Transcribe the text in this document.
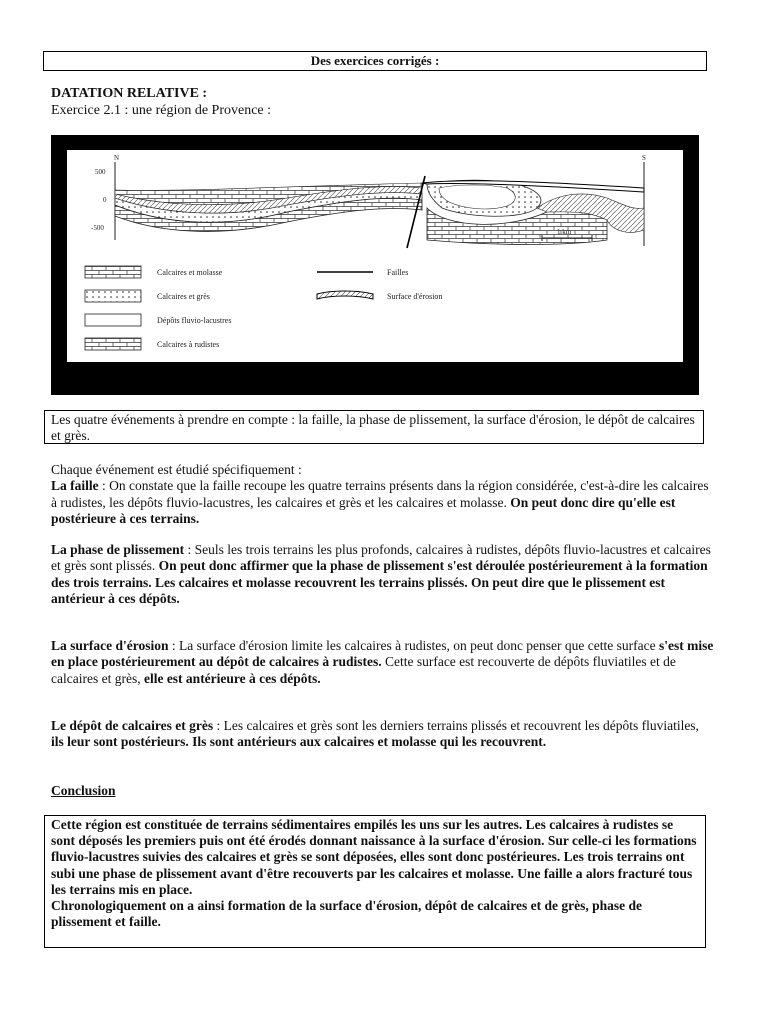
Des exercices corrigés :
DATATION RELATIVE :
Exercice 2.1 : une région de Provence :
N
500
0
-500
S
1 km
Calcaires et molasse
Calcaires et grès
Dépôts fluvio-lacustres
Calcaires à rudistes
Failles
Surface d'érosion
Les quatre événements à prendre en compte : la faille, la phase de plissement, la surface d'érosion, le dépôt de calcaires et grès.
Chaque événement est étudié spécifiquement :
La faille : On constate que la faille recoupe les quatre terrains présents dans la région considérée, c'est-à-dire les calcaires à rudistes, les dépôts fluvio-lacustres, les calcaires et grès et les calcaires et molasse. On peut donc dire qu'elle est postérieure à ces terrains.
La phase de plissement : Seuls les trois terrains les plus profonds, calcaires à rudistes, dépôts fluvio-lacustres et calcaires et grès sont plissés. On peut donc affirmer que la phase de plissement s'est déroulée postérieurement à la formation des trois terrains. Les calcaires et molasse recouvrent les terrains plissés. On peut dire que le plissement est antérieur à ces dépôts.
La surface d'érosion : La surface d'érosion limite les calcaires à rudistes, on peut donc penser que cette surface s'est mise en place postérieurement au dépôt de calcaires à rudistes. Cette surface est recouverte de dépôts fluviatiles et de calcaires et grès, elle est antérieure à ces dépôts.
Le dépôt de calcaires et grès : Les calcaires et grès sont les derniers terrains plissés et recouvrent les dépôts fluviatiles, ils leur sont postérieurs. Ils sont antérieurs aux calcaires et molasse qui les recouvrent.
Conclusion
Cette région est constituée de terrains sédimentaires empilés les uns sur les autres. Les calcaires à rudistes se sont déposés les premiers puis ont été érodés donnant naissance à la surface d'érosion. Sur celle-ci les formations fluvio-lacustres suivies des calcaires et grès se sont déposées, elles sont donc postérieures. Les trois terrains ont subi une phase de plissement avant d'être recouverts par les calcaires et molasse. Une faille a alors fracturé tous les terrains mis en place.
Chronologiquement on a ainsi formation de la surface d'érosion, dépôt de calcaires et de grès, phase de plissement et faille.
